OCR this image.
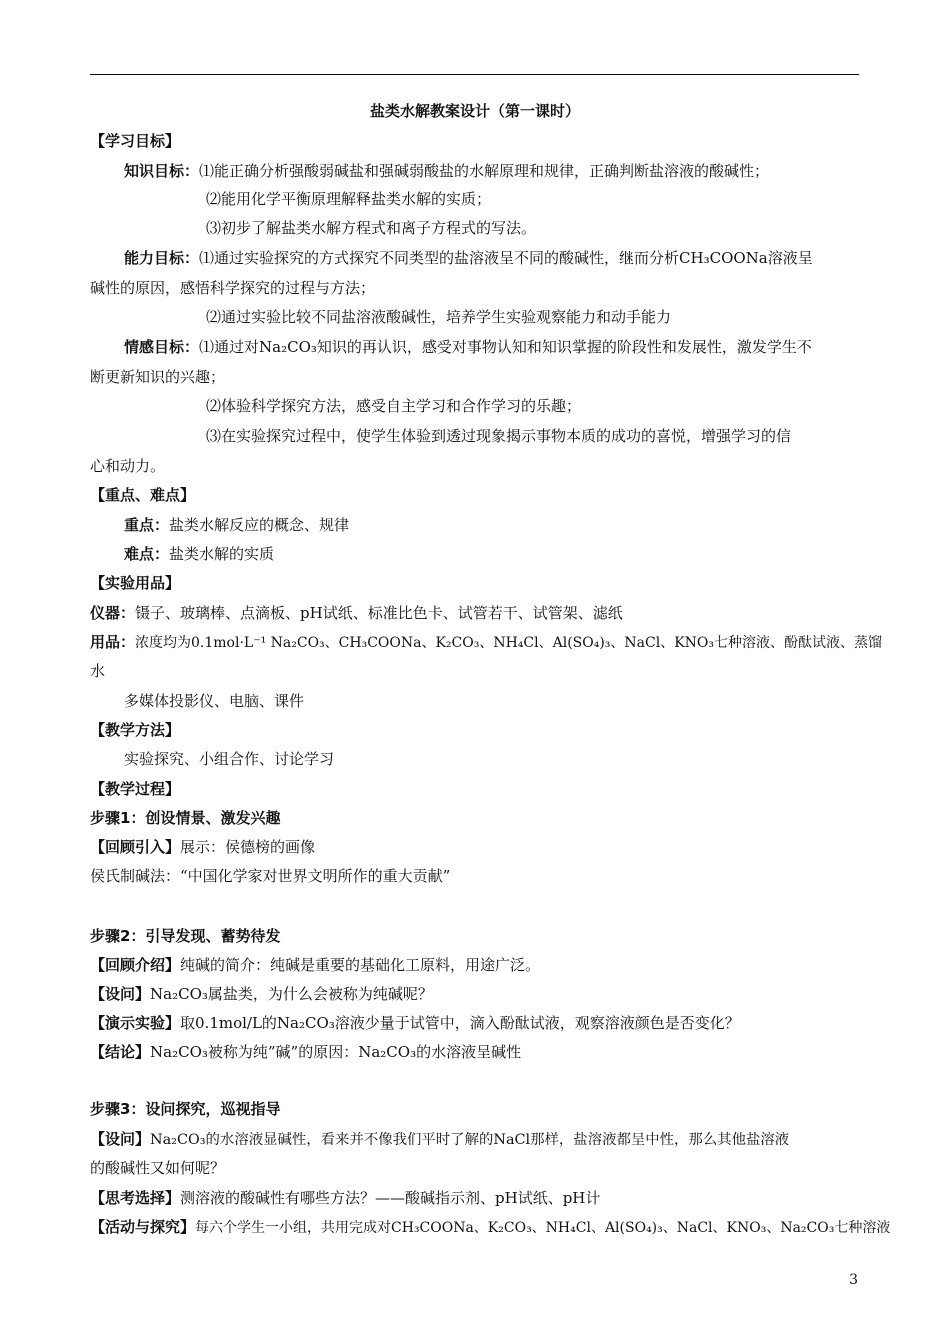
盐类水解教案设计（第一课时）
【学习目标】
知识目标：⑴能正确分析强酸弱碱盐和强碱弱酸盐的水解原理和规律，正确判断盐溶液的酸碱性；
⑵能用化学平衡原理解释盐类水解的实质；
⑶初步了解盐类水解方程式和离子方程式的写法。
能力目标：⑴通过实验探究的方式探究不同类型的盐溶液呈不同的酸碱性，继而分析CH₃COONa溶液呈
碱性的原因，感悟科学探究的过程与方法；
⑵通过实验比较不同盐溶液酸碱性，培养学生实验观察能力和动手能力
情感目标：⑴通过对Na₂CO₃知识的再认识，感受对事物认知和知识掌握的阶段性和发展性，激发学生不
断更新知识的兴趣；
⑵体验科学探究方法，感受自主学习和合作学习的乐趣；
⑶在实验探究过程中，使学生体验到透过现象揭示事物本质的成功的喜悦，增强学习的信
心和动力。
【重点、难点】
重点：盐类水解反应的概念、规律
难点：盐类水解的实质
【实验用品】
仪器：镊子、玻璃棒、点滴板、pH试纸、标准比色卡、试管若干、试管架、滤纸
用品：浓度均为0.1mol·L⁻¹ Na₂CO₃、CH₃COONa、K₂CO₃、NH₄Cl、Al(SO₄)₃、NaCl、KNO₃七种溶液、酚酞试液、蒸馏
水
多媒体投影仪、电脑、课件
【教学方法】
实验探究、小组合作、讨论学习
【教学过程】
步骤1：创设情景、激发兴趣
【回顾引入】展示：侯德榜的画像
侯氏制碱法：“中国化学家对世界文明所作的重大贡献”
步骤2：引导发现、蓄势待发
【回顾介绍】纯碱的简介：纯碱是重要的基础化工原料，用途广泛。
【设问】Na₂CO₃属盐类，为什么会被称为纯碱呢？
【演示实验】取0.1mol/L的Na₂CO₃溶液少量于试管中，滴入酚酞试液，观察溶液颜色是否变化？
【结论】Na₂CO₃被称为纯”碱”的原因：Na₂CO₃的水溶液呈碱性
步骤3：设问探究，巡视指导
【设问】Na₂CO₃的水溶液显碱性，看来并不像我们平时了解的NaCl那样，盐溶液都呈中性，那么其他盐溶液
的酸碱性又如何呢？
【思考选择】测溶液的酸碱性有哪些方法？——酸碱指示剂、pH试纸、pH计
【活动与探究】每六个学生一小组，共用完成对CH₃COONa、K₂CO₃、NH₄Cl、Al(SO₄)₃、NaCl、KNO₃、Na₂CO₃七种溶液
3
